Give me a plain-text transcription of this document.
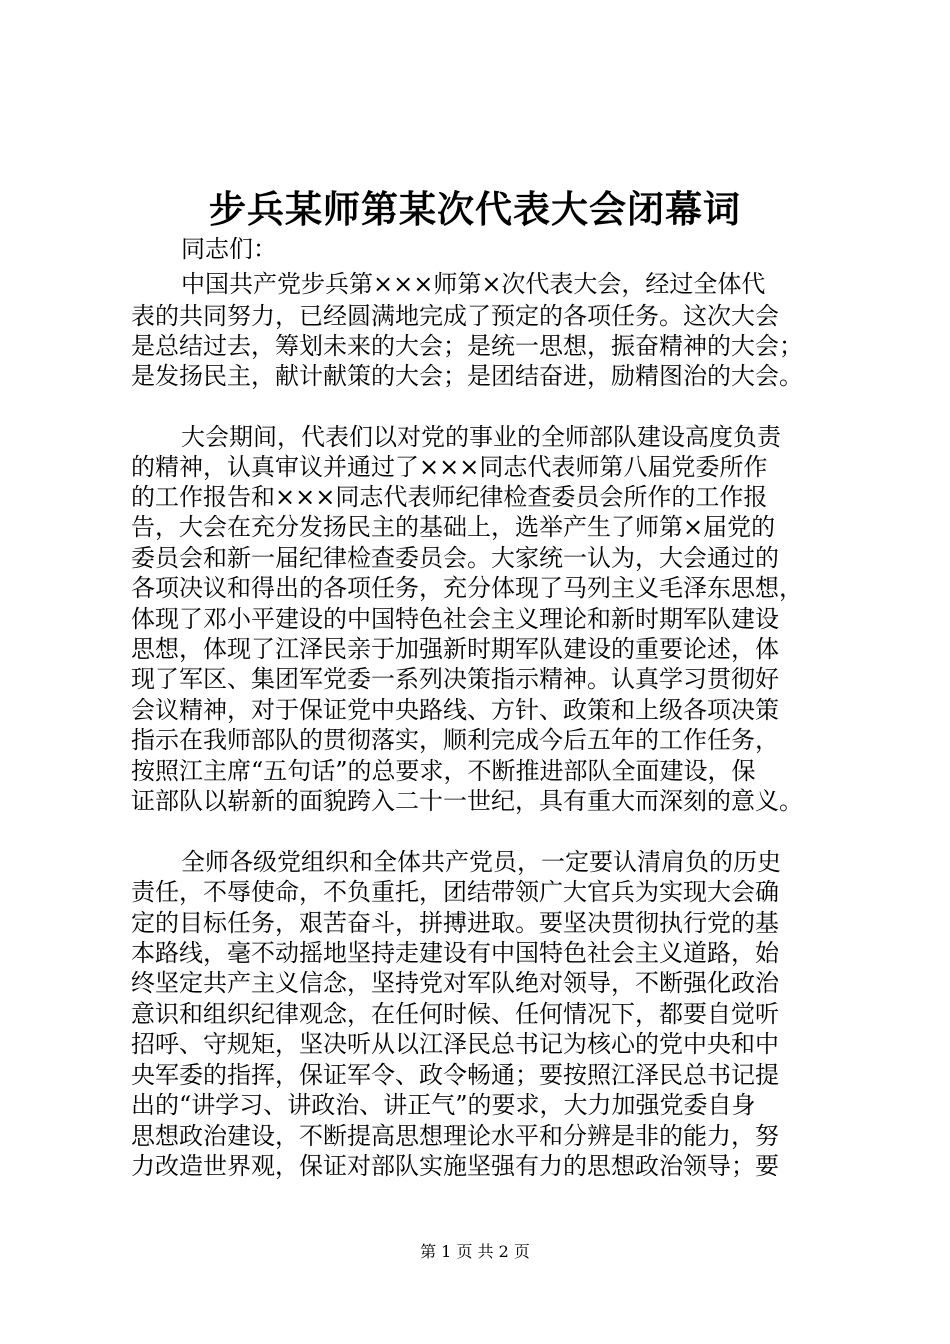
步兵某师第某次代表大会闭幕词

同志们：

中国共产党步兵第×××师第×次代表大会，经过全体代

表的共同努力，已经圆满地完成了预定的各项任务。这次大会

是总结过去，筹划未来的大会；是统一思想，振奋精神的大会；

是发扬民主，献计献策的大会；是团结奋进，励精图治的大会。

大会期间，代表们以对党的事业的全师部队建设高度负责

的精神，认真审议并通过了×××同志代表师第八届党委所作

的工作报告和×××同志代表师纪律检查委员会所作的工作报

告，大会在充分发扬民主的基础上，选举产生了师第×届党的

委员会和新一届纪律检查委员会。大家统一认为，大会通过的

各项决议和得出的各项任务，充分体现了马列主义毛泽东思想，

体现了邓小平建设的中国特色社会主义理论和新时期军队建设

思想，体现了江泽民亲于加强新时期军队建设的重要论述，体

现了军区、集团军党委一系列决策指示精神。认真学习贯彻好

会议精神，对于保证党中央路线、方针、政策和上级各项决策

指示在我师部队的贯彻落实，顺利完成今后五年的工作任务，

按照江主席“五句话”的总要求，不断推进部队全面建设，保

证部队以崭新的面貌跨入二十一世纪，具有重大而深刻的意义。

全师各级党组织和全体共产党员，一定要认清肩负的历史

责任，不辱使命，不负重托，团结带领广大官兵为实现大会确

定的目标任务，艰苦奋斗，拼搏进取。要坚决贯彻执行党的基

本路线，毫不动摇地坚持走建设有中国特色社会主义道路，始

终坚定共产主义信念，坚持党对军队绝对领导，不断强化政治

意识和组织纪律观念，在任何时候、任何情况下，都要自觉听

招呼、守规矩，坚决听从以江泽民总书记为核心的党中央和中

央军委的指挥，保证军令、政令畅通；要按照江泽民总书记提

出的“讲学习、讲政治、讲正气”的要求，大力加强党委自身

思想政治建设，不断提高思想理论水平和分辨是非的能力，努

力改造世界观，保证对部队实施坚强有力的思想政治领导；要

第 1 页 共 2 页
